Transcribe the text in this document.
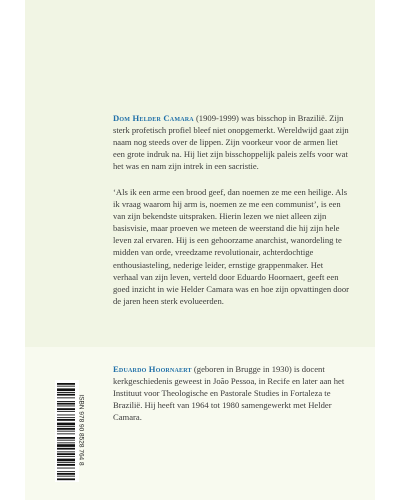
Dom Helder Camara (1909-1999) was bisschop in Brazilië. Zijn sterk profetisch profiel bleef niet onopgemerkt. Wereldwijd gaat zijn naam nog steeds over de lippen. Zijn voorkeur voor de armen liet een grote indruk na. Hij liet zijn bisschoppelijk paleis zelfs voor wat het was en nam zijn intrek in een sacristie.

‘Als ik een arme een brood geef, dan noemen ze me een heilige. Als ik vraag waarom hij arm is, noemen ze me een communist’, is een van zijn bekendste uitspraken. Hierin lezen we niet alleen zijn basisvisie, maar proeven we meteen de weerstand die hij zijn hele leven zal ervaren. Hij is een gehoorzame anarchist, wanordeling te midden van orde, vreedzame revolutionair, achterdochtige enthousiasteling, nederige leider, ernstige grappenmaker. Het verhaal van zijn leven, verteld door Eduardo Hoornaert, geeft een goed inzicht in wie Helder Camara was en hoe zijn opvattingen door de jaren heen sterk evolueerden.

Eduardo Hoornaert (geboren in Brugge in 1930) is docent kerkgeschiedenis geweest in João Pessoa, in Recife en later aan het Instituut voor Theologische en Pastorale Studies in Fortaleza te Brazilië. Hij heeft van 1964 tot 1980 samengewerkt met Helder Camara.

ISBN 978 90 8528 764 8
